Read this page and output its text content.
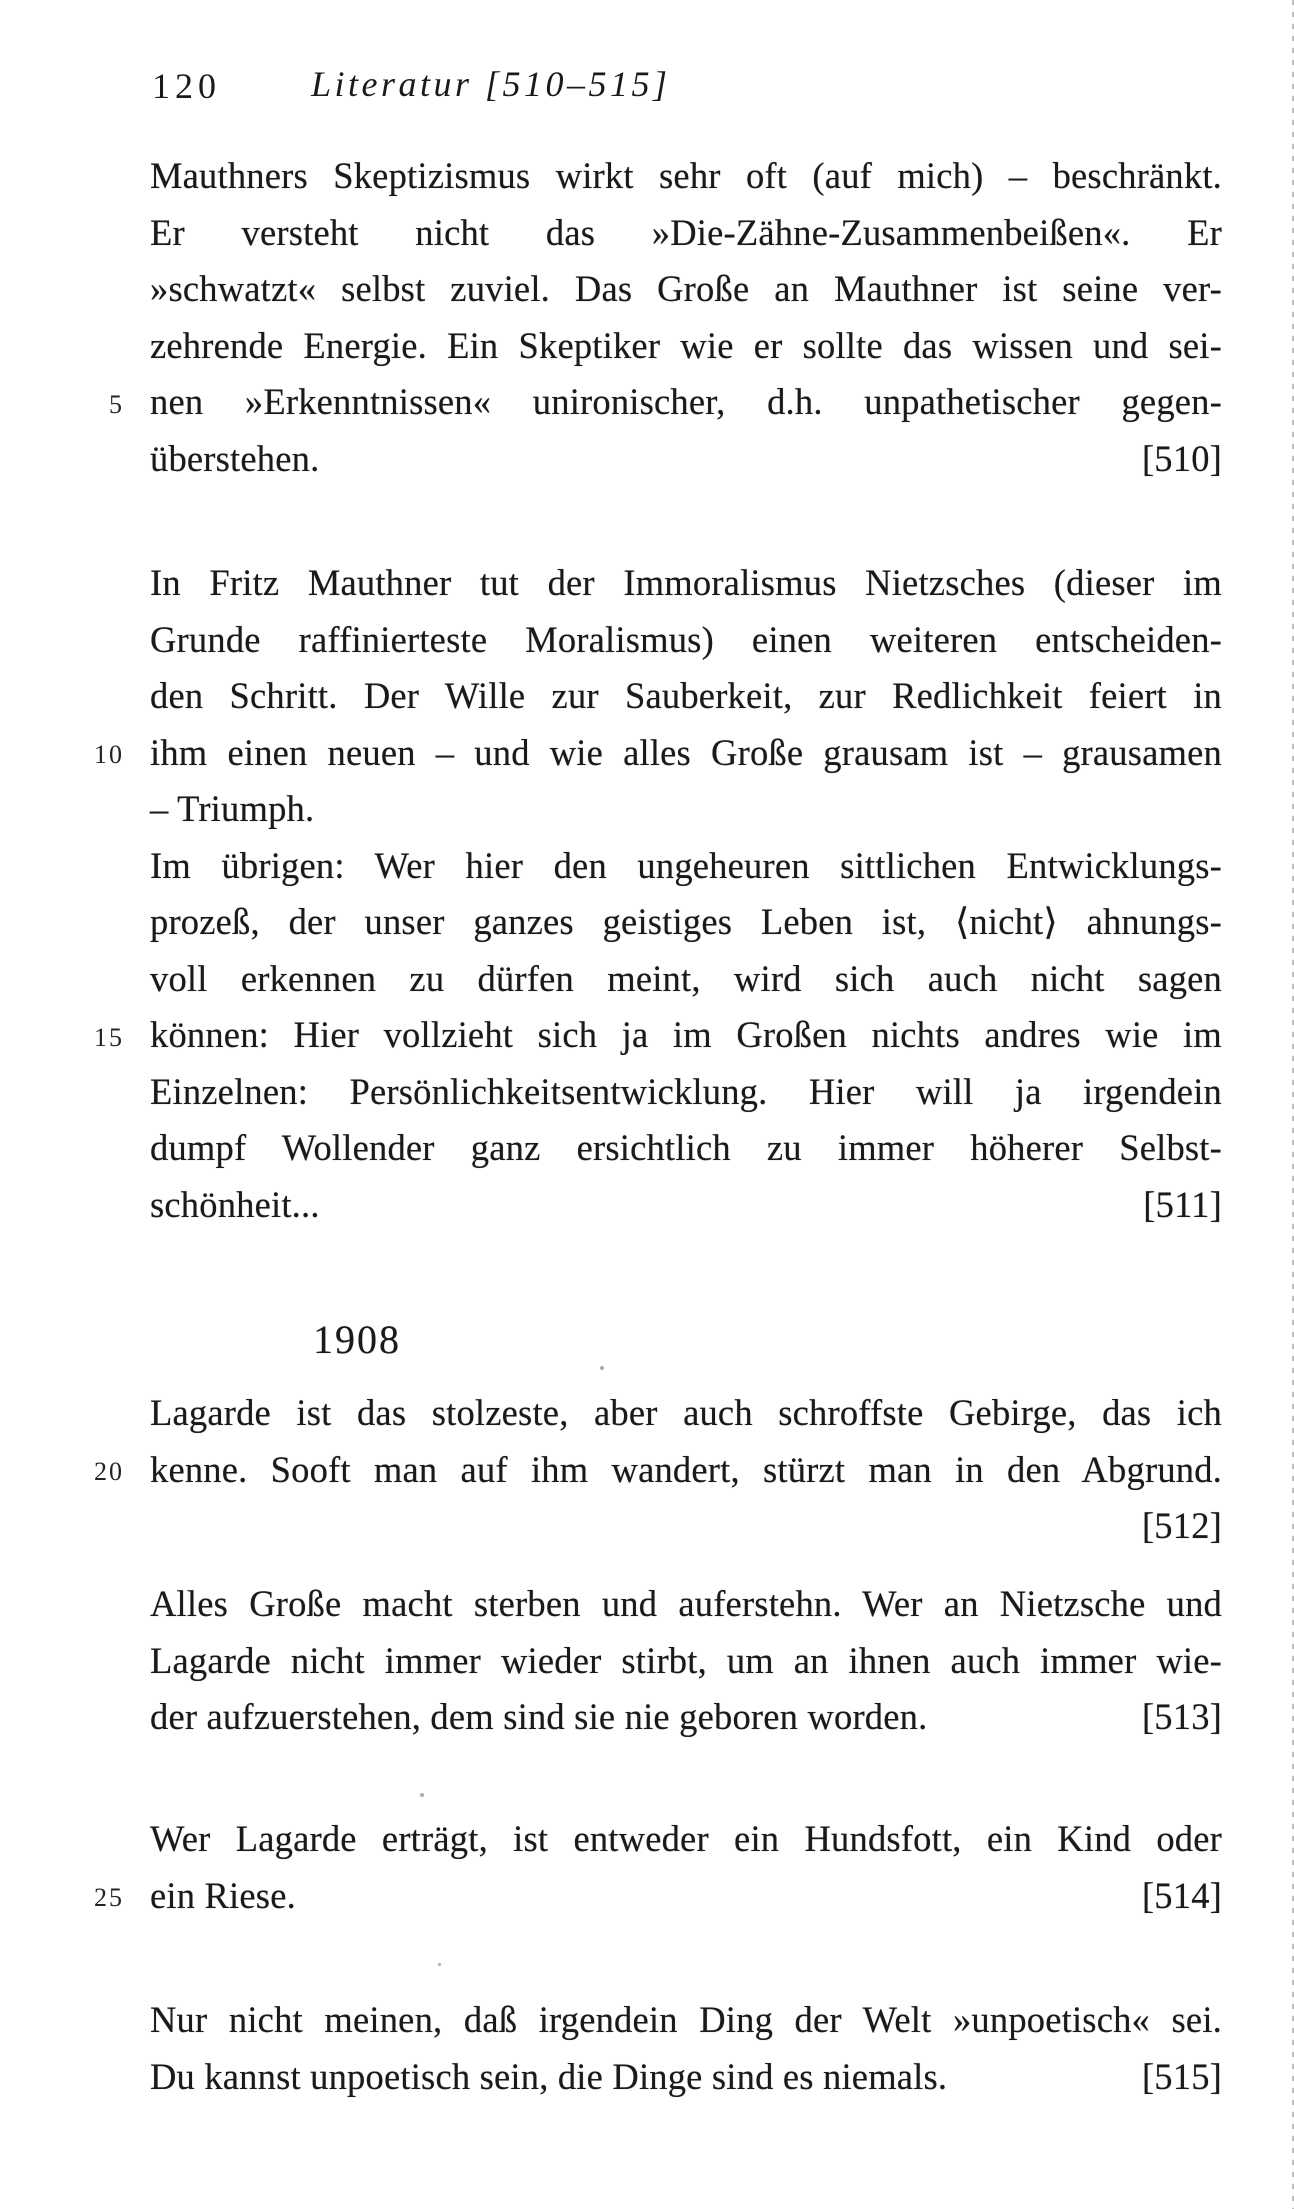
120	Literatur [510–515]
5
10
15
20
25
Mauthners Skeptizismus wirkt sehr oft (auf mich) – beschränkt.
Er versteht nicht das »Die-Zähne-Zusammenbeißen«. Er
»schwatzt« selbst zuviel. Das Große an Mauthner ist seine ver-
zehrende Energie. Ein Skeptiker wie er sollte das wissen und sei-
nen »Erkenntnissen« unironischer, d.h. unpathetischer gegen-
überstehen.	[510]
In Fritz Mauthner tut der Immoralismus Nietzsches (dieser im
Grunde raffinierteste Moralismus) einen weiteren entscheiden-
den Schritt. Der Wille zur Sauberkeit, zur Redlichkeit feiert in
ihm einen neuen – und wie alles Große grausam ist – grausamen
– Triumph.
Im übrigen: Wer hier den ungeheuren sittlichen Entwicklungs-
prozeß, der unser ganzes geistiges Leben ist, ⟨nicht⟩ ahnungs-
voll erkennen zu dürfen meint, wird sich auch nicht sagen
können: Hier vollzieht sich ja im Großen nichts andres wie im
Einzelnen: Persönlichkeitsentwicklung. Hier will ja irgendein
dumpf Wollender ganz ersichtlich zu immer höherer Selbst-
schönheit...	[511]
1908
Lagarde ist das stolzeste, aber auch schroffste Gebirge, das ich
kenne. Sooft man auf ihm wandert, stürzt man in den Abgrund.
[512]
Alles Große macht sterben und auferstehn. Wer an Nietzsche und
Lagarde nicht immer wieder stirbt, um an ihnen auch immer wie-
der aufzuerstehen, dem sind sie nie geboren worden.	[513]
Wer Lagarde erträgt, ist entweder ein Hundsfott, ein Kind oder
ein Riese.	[514]
Nur nicht meinen, daß irgendein Ding der Welt »unpoetisch« sei.
Du kannst unpoetisch sein, die Dinge sind es niemals.	[515]
